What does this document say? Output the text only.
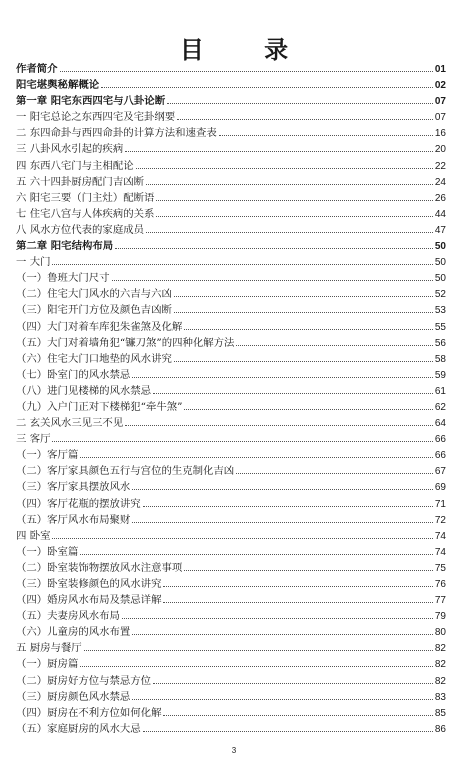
目 录
作者简介	01
阳宅堪舆秘解概论	02
第一章 阳宅东西四宅与八卦论断	07
一 阳宅总论之东西四宅及宅卦纲要	07
二 东四命卦与西四命卦的计算方法和速查表	16
三 八卦风水引起的疾病	20
四 东西八宅门与主相配论	22
五 六十四卦厨房配门吉凶断	24
六 阳宅三要（门主灶）配断语	26
七 住宅八宫与人体疾病的关系	44
八 风水方位代表的家庭成员	47
第二章 阳宅结构布局	50
一 大门	50
（一）鲁班大门尺寸	50
（二）住宅大门风水的六吉与六凶	52
（三）阳宅开门方位及颜色吉凶断	53
（四）大门对着车库犯朱雀煞及化解	55
（五）大门对着墙角犯“镰刀煞”的四种化解方法	56
（六）住宅大门口地垫的风水讲究	58
（七）卧室门的风水禁忌	59
（八）进门见楼梯的风水禁忌	61
（九）入户门正对下楼梯犯“牵牛煞”	62
二 玄关风水三见三不见	64
三 客厅	66
（一）客厅篇	66
（二）客厅家具颜色五行与宫位的生克制化吉凶	67
（三）客厅家具摆放风水	69
（四）客厅花瓶的摆放讲究	71
（五）客厅风水布局聚财	72
四 卧室	74
（一）卧室篇	74
（二）卧室装饰物摆放风水注意事项	75
（三）卧室装修颜色的风水讲究	76
（四）婚房风水布局及禁忌详解	77
（五）夫妻房风水布局	79
（六）儿童房的风水布置	80
五 厨房与餐厅	82
（一）厨房篇	82
（二）厨房好方位与禁忌方位	82
（三）厨房颜色风水禁忌	83
（四）厨房在不利方位如何化解	85
（五）家庭厨房的风水大忌	86
3
